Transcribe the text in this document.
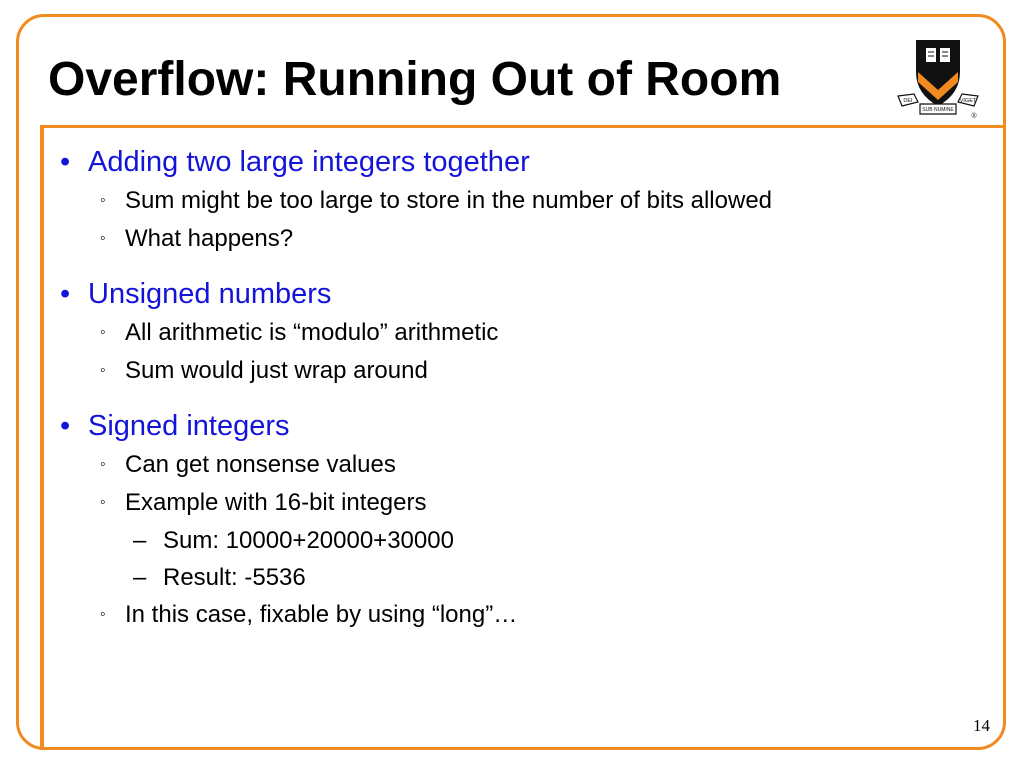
Overflow: Running Out of Room	DEI
SUB NUMINE
VIGET
®
• Adding two large integers together
◦ Sum might be too large to store in the number of bits allowed
◦ What happens?
• Unsigned numbers
◦ All arithmetic is “modulo” arithmetic
◦ Sum would just wrap around
• Signed integers
◦ Can get nonsense values
◦ Example with 16-bit integers
– Sum: 10000+20000+30000
– Result: -5536
◦ In this case, fixable by using “long”…
14
